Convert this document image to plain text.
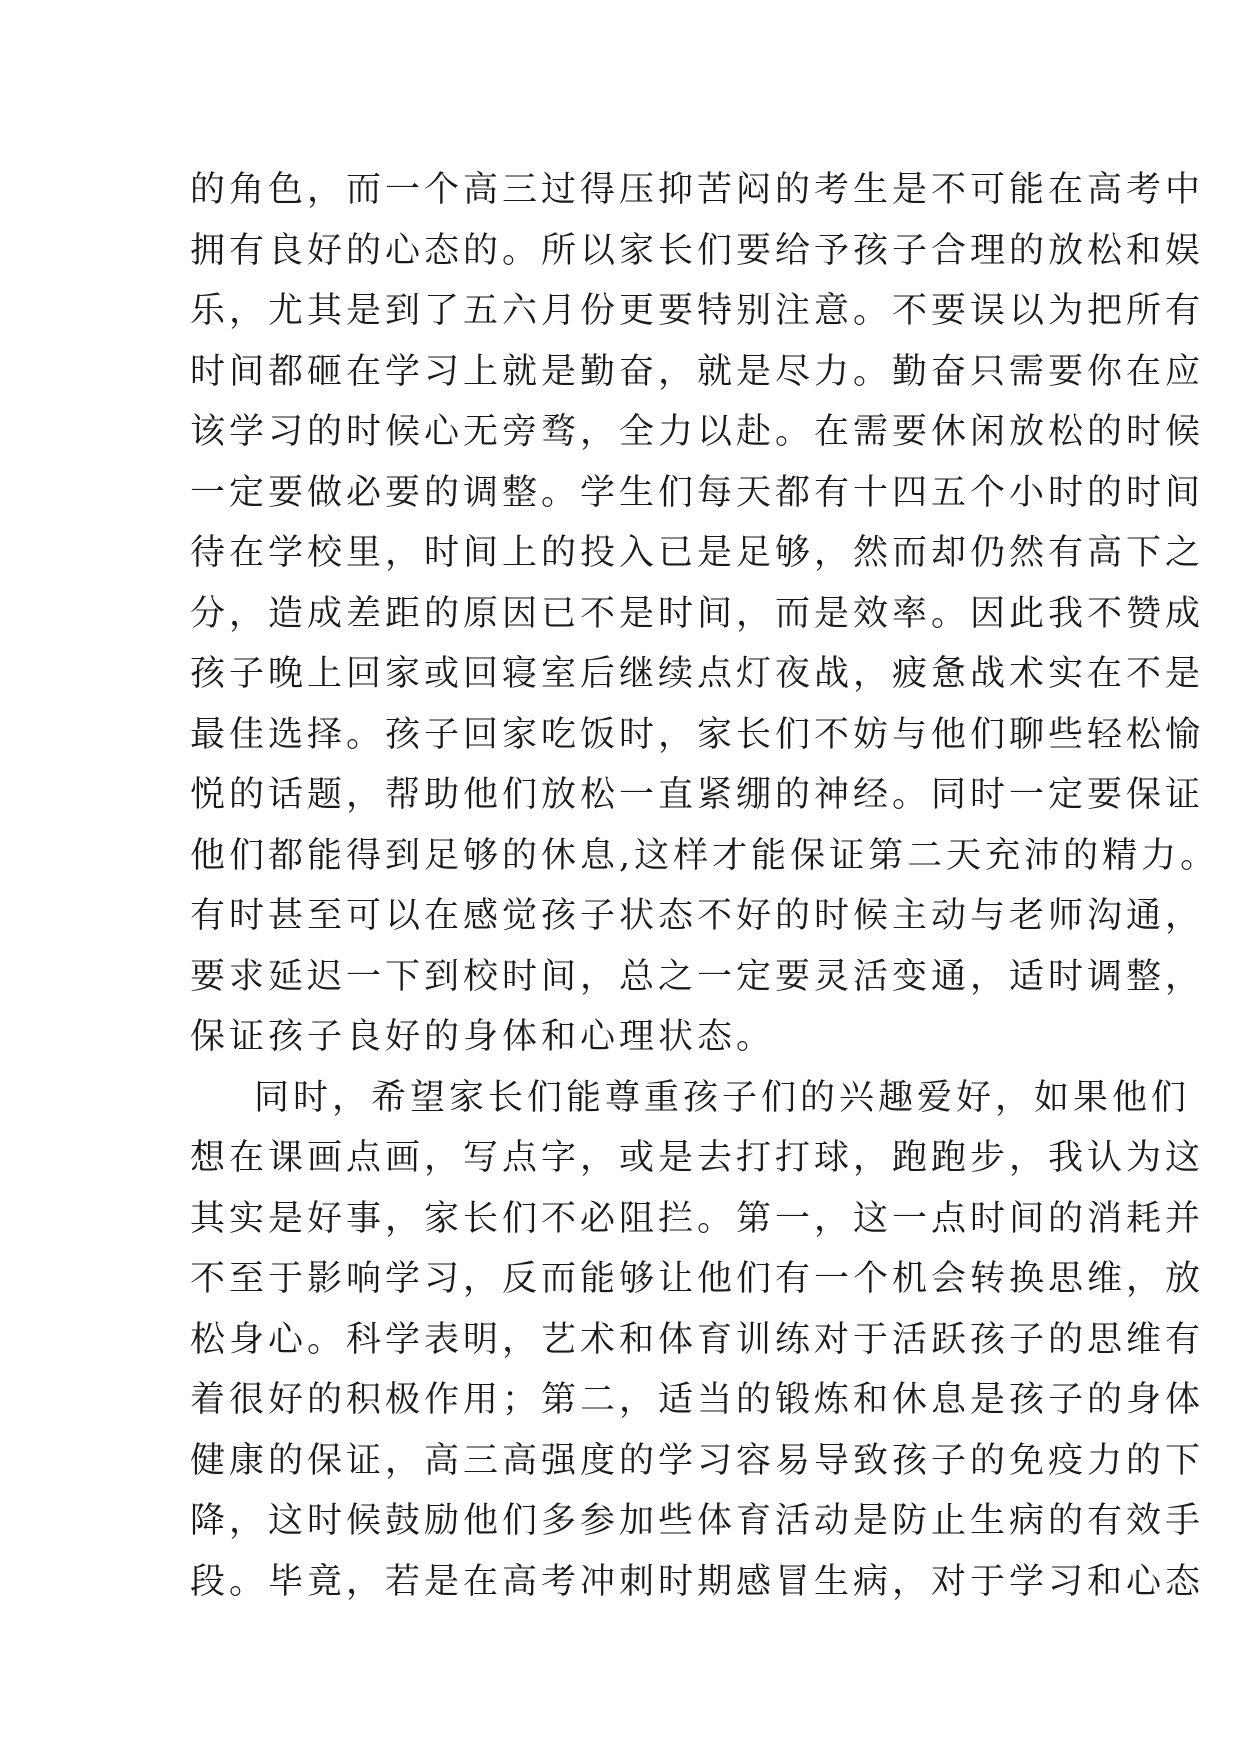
的角色，而一个高三过得压抑苦闷的考生是不可能在高考中
拥有良好的心态的。所以家长们要给予孩子合理的放松和娱
乐，尤其是到了五六月份更要特别注意。不要误以为把所有
时间都砸在学习上就是勤奋，就是尽力。勤奋只需要你在应
该学习的时候心无旁骛，全力以赴。在需要休闲放松的时候
一定要做必要的调整。学生们每天都有十四五个小时的时间
待在学校里，时间上的投入已是足够，然而却仍然有高下之
分，造成差距的原因已不是时间，而是效率。因此我不赞成
孩子晚上回家或回寝室后继续点灯夜战，疲惫战术实在不是
最佳选择。孩子回家吃饭时，家长们不妨与他们聊些轻松愉
悦的话题，帮助他们放松一直紧绷的神经。同时一定要保证
他们都能得到足够的休息,这样才能保证第二天充沛的精力。
有时甚至可以在感觉孩子状态不好的时候主动与老师沟通，
要求延迟一下到校时间，总之一定要灵活变通，适时调整，
保证孩子良好的身体和心理状态。
同时，希望家长们能尊重孩子们的兴趣爱好，如果他们
想在课画点画，写点字，或是去打打球，跑跑步，我认为这
其实是好事，家长们不必阻拦。第一，这一点时间的消耗并
不至于影响学习，反而能够让他们有一个机会转换思维，放
松身心。科学表明，艺术和体育训练对于活跃孩子的思维有
着很好的积极作用；第二，适当的锻炼和休息是孩子的身体
健康的保证，高三高强度的学习容易导致孩子的免疫力的下
降，这时候鼓励他们多参加些体育活动是防止生病的有效手
段。毕竟，若是在高考冲刺时期感冒生病，对于学习和心态
